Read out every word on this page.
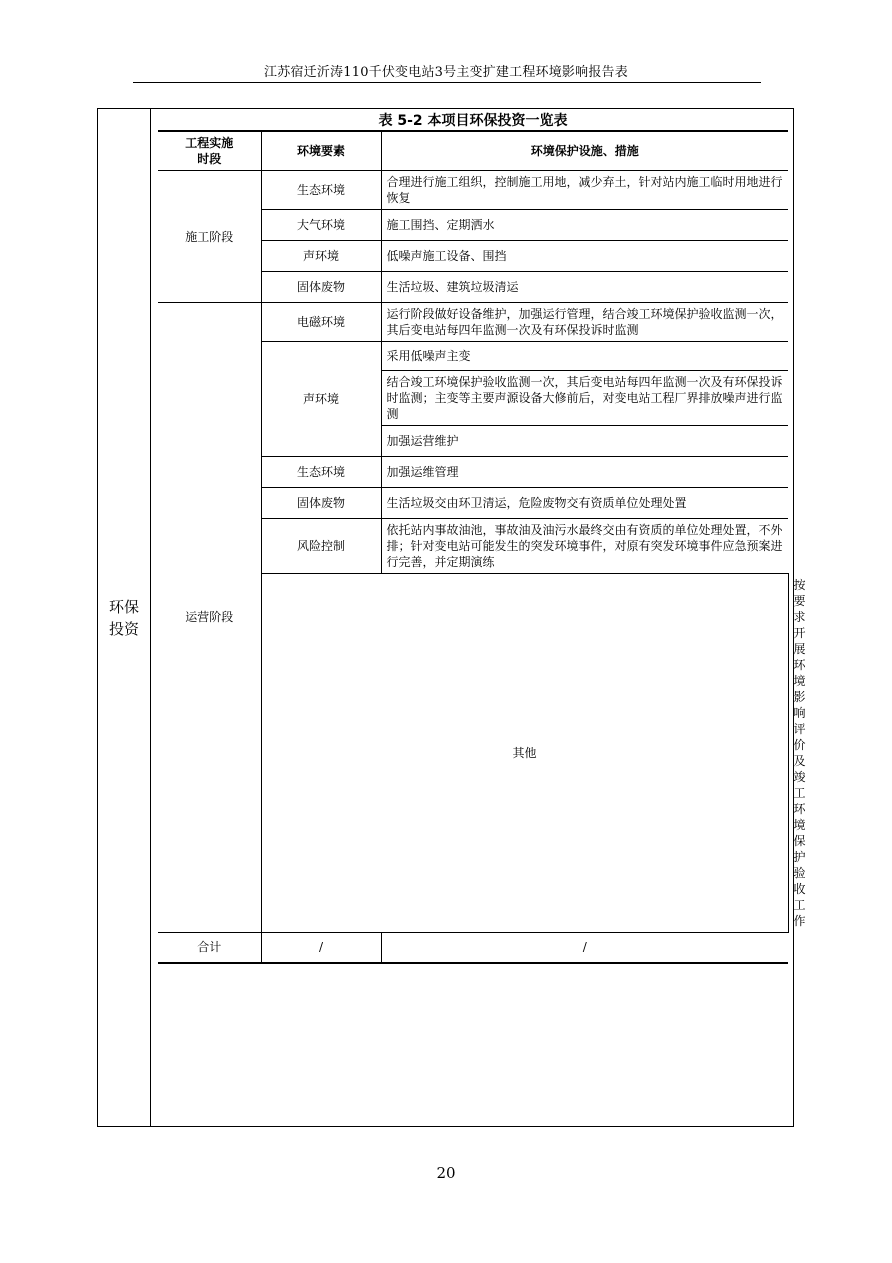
江苏宿迁沂涛110千伏变电站3号主变扩建工程环境影响报告表
环保
投资
表 5-2 本项目环保投资一览表
工程实施
时段	环境要素	环境保护设施、措施	
施工阶段	生态环境	合理进行施工组织，控制施工用地，减少弃土，针对站内施工临时用地进行恢复	
	大气环境	施工围挡、定期洒水	
	声环境	低噪声施工设备、围挡	
	固体废物	生活垃圾、建筑垃圾清运	
运营阶段	电磁环境	运行阶段做好设备维护，加强运行管理，结合竣工环境保护验收监测一次，其后变电站每四年监测一次及有环保投诉时监测	
	声环境	采用低噪声主变	
		结合竣工环境保护验收监测一次，其后变电站每四年监测一次及有环保投诉时监测；主变等主要声源设备大修前后，对变电站工程厂界排放噪声进行监测	
		加强运营维护	
	生态环境	加强运维管理	
	固体废物	生活垃圾交由环卫清运，危险废物交有资质单位处理处置	
	风险控制	依托站内事故油池，事故油及油污水最终交由有资质的单位处理处置，不外排；针对变电站可能发生的突发环境事件，对原有突发环境事件应急预案进行完善，并定期演练	
	其他		按要求开展环境影响评价及竣工环境保护验收工作
合计	/	/	
20
